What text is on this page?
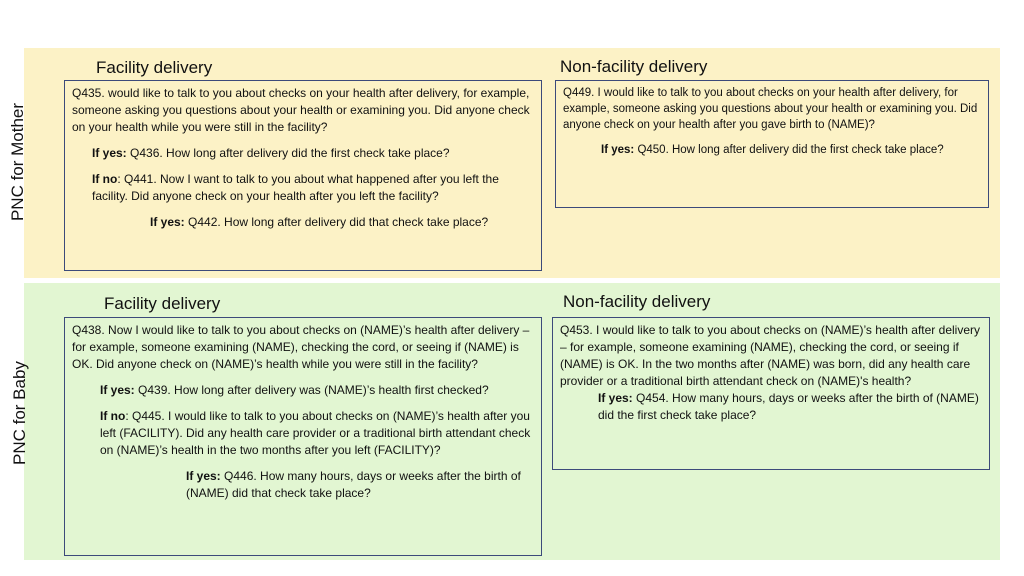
PNC for Mother
Facility delivery	Non-facility delivery

Q435. would like to talk to you about checks on your health after delivery, for example, someone asking you questions about your health or examining you. Did anyone check on your health while you were still in the facility?

If yes: Q436. How long after delivery did the first check take place?

If no: Q441. Now I want to talk to you about what happened after you left the facility. Did anyone check on your health after you left the facility?

If yes: Q442. How long after delivery did that check take place?

Q449. I would like to talk to you about checks on your health after delivery, for example, someone asking you questions about your health or examining you. Did anyone check on your health after you gave birth to (NAME)?

If yes: Q450. How long after delivery did the first check take place?

PNC for Baby
Facility delivery	Non-facility delivery

Q438. Now I would like to talk to you about checks on (NAME)’s health after delivery – for example, someone examining (NAME), checking the cord, or seeing if (NAME) is OK. Did anyone check on (NAME)’s health while you were still in the facility?

If yes: Q439. How long after delivery was (NAME)’s health first checked?

If no: Q445. I would like to talk to you about checks on (NAME)’s health after you left (FACILITY). Did any health care provider or a traditional birth attendant check on (NAME)’s health in the two months after you left (FACILITY)?

If yes: Q446. How many hours, days or weeks after the birth of (NAME) did that check take place?

Q453. I would like to talk to you about checks on (NAME)’s health after delivery – for example, someone examining (NAME), checking the cord, or seeing if (NAME) is OK. In the two months after (NAME) was born, did any health care provider or a traditional birth attendant check on (NAME)'s health?

If yes: Q454. How many hours, days or weeks after the birth of (NAME) did the first check take place?
